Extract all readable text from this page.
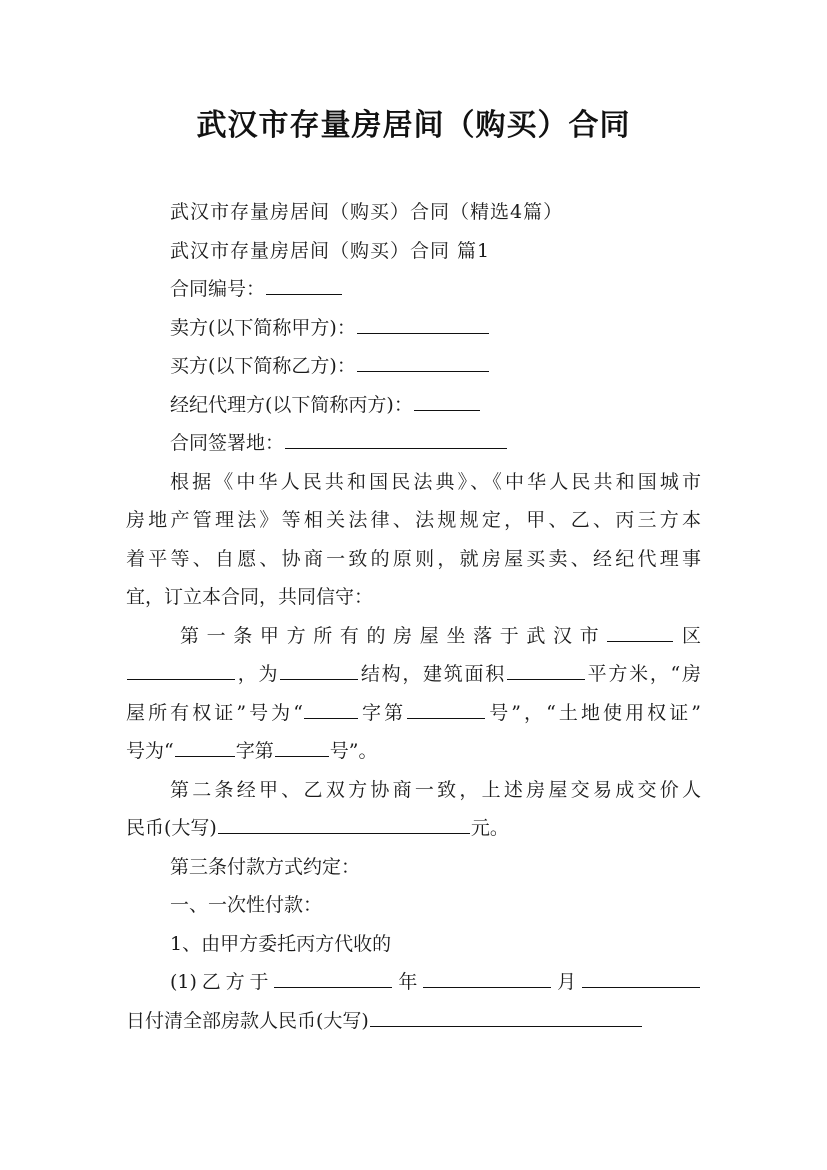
武汉市存量房居间（购买）合同

武汉市存量房居间（购买）合同（精选4篇）

武汉市存量房居间（购买）合同 篇1

合同编号：

卖方(以下简称甲方)：

买方(以下简称乙方)：

经纪代理方(以下简称丙方)：

合同签署地：

根据《中华人民共和国民法典》、《中华人民共和国城市

房地产管理法》等相关法律、法规规定，甲、乙、丙三方本

着平等、自愿、协商一致的原则，就房屋买卖、经纪代理事

宜，订立本合同，共同信守：

第一条甲方所有的房屋坐落于武汉市	区

，为	结构，建筑面积	平方米，“房

屋所有权证”号为“	字第	号”，“土地使用权证”

号为“	字第	号”。

第二条经甲、乙双方协商一致，上述房屋交易成交价人

民币(大写)	元。

第三条付款方式约定：

一、一次性付款：

1、由甲方委托丙方代收的

(1)乙方于	年	月

日付清全部房款人民币(大写)
